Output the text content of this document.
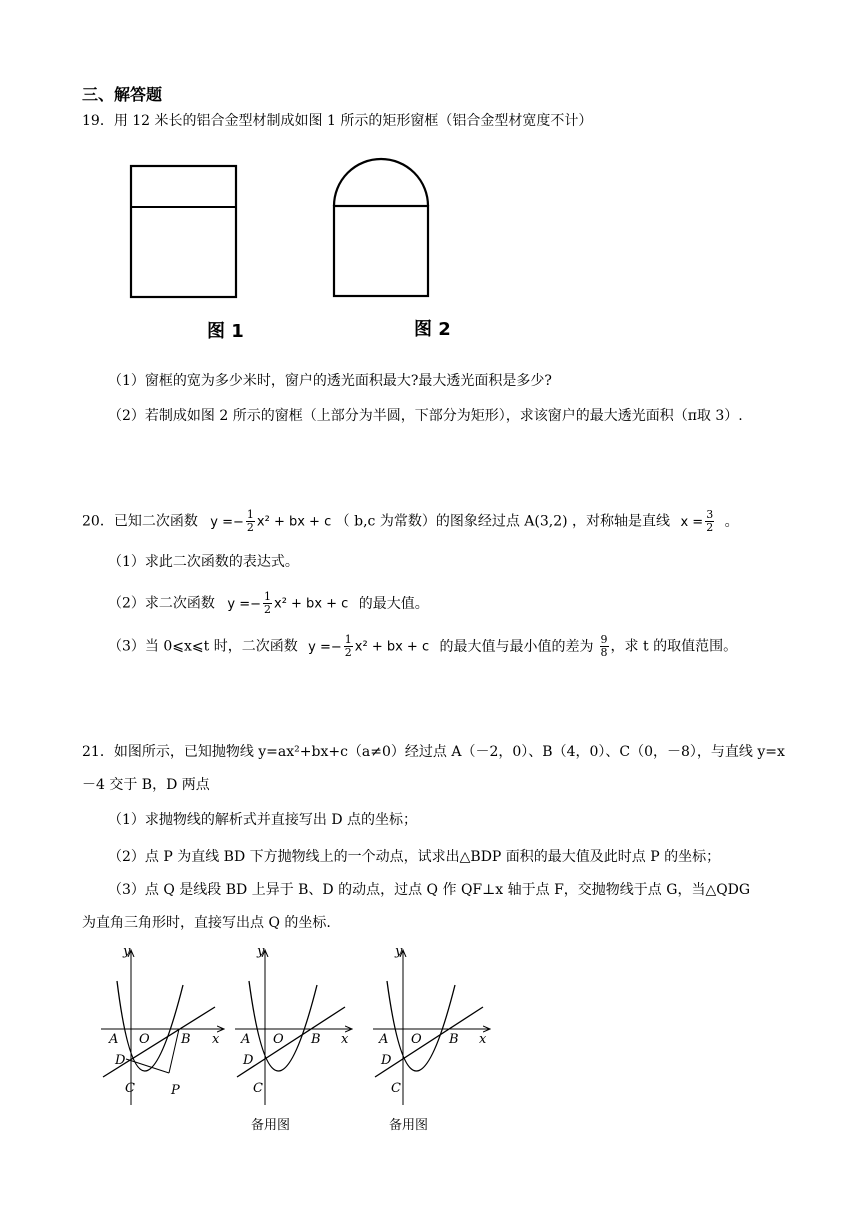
三、解答题
19．用 12 米长的铝合金型材制成如图 1 所示的矩形窗框（铝合金型材宽度不计）
图 1	图 2
（1）窗框的宽为多少米时，窗户的透光面积最大?最大透光面积是多少?
（2）若制成如图 2 所示的窗框（上部分为半圆，下部分为矩形），求该窗户的最大透光面积（π取 3）.
20．已知二次函数 $y =- \frac{1}{2} x^2$ + bx + c （ b,c 为常数）的图象经过点 A(3,2) ，对称轴是直线 $x = \frac{3}{2}$ 。
（1）求此二次函数的表达式。
（2）求二次函数 $y =- \frac{1}{2} x^2$ + bx + c 的最大值。
（3）当 0⩽x⩽t 时，二次函数 $y =- \frac{1}{2} x^2$ + bx + c 的最大值与最小值的差为 $\frac{9}{8}$ ，求 t 的取值范围。
21．如图所示，已知抛物线 y=ax²+bx+c（a≠0）经过点 A（－2，0）、B（4，0）、C（0，－8），与直线 y=x
－4 交于 B，D 两点
（1）求抛物线的解析式并直接写出 D 点的坐标；
（2）点 P 为直线 BD 下方抛物线上的一个动点，试求出△BDP 面积的最大值及此时点 P 的坐标；
（3）点 Q 是线段 BD 上异于 B、D 的动点，过点 Q 作 QF⊥x 轴于点 F，交抛物线于点 G，当△QDG
为直角三角形时，直接写出点 Q 的坐标.
y
x
O
A	B
D
C	P
y
x
O
A	B
D
C
备用图
y
x
O
A	B
D
C
备用图
